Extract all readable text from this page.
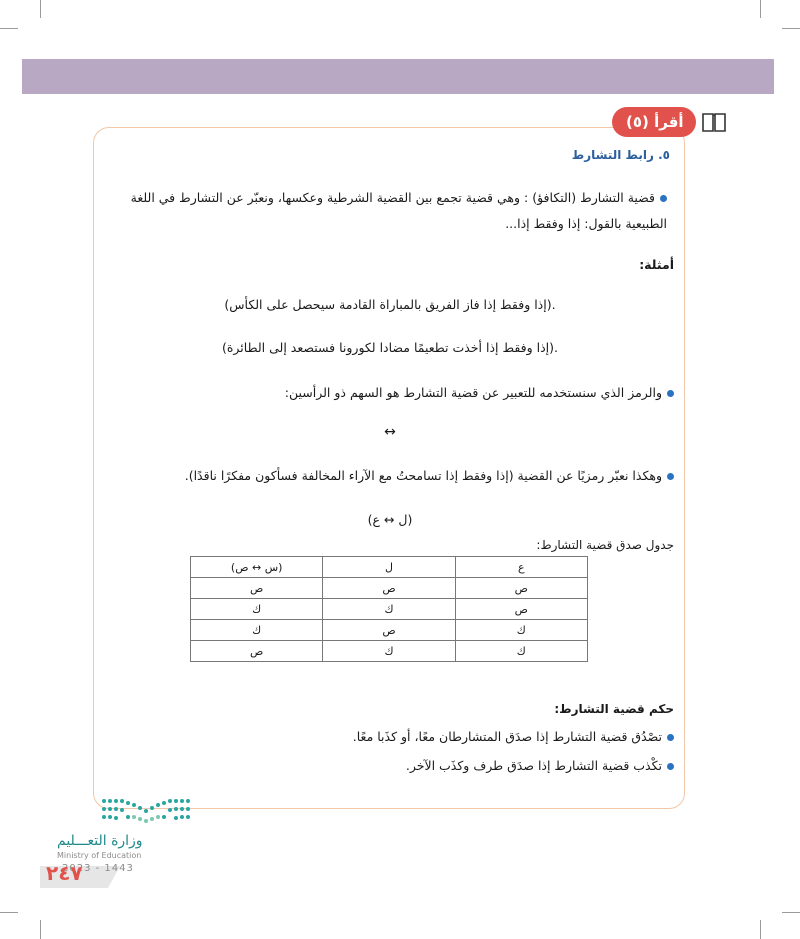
أقرأ (٥)
٥. رابط التشارط
قضية التشارط (التكافؤ) : وهي قضية تجمع بين القضية الشرطية وعكسها، ونعبّر عن التشارط في اللغة
الطبيعية بالقول: إذا وفقط إذا...
أمثلة:
(إذا وفقط إذا فاز الفريق بالمباراة القادمة سيحصل على الكأس).
(إذا وفقط إذا أخذت تطعيمًا مضادا لكورونا فستصعد إلى الطائرة).
والرمز الذي سنستخدمه للتعبير عن قضية التشارط هو السهم ذو الرأسين:
↔
وهكذا نعبّر رمزيًا عن القضية (إذا وفقط إذا تسامحتُ مع الآراء المخالفة فسأكون مفكرًا ناقدًا).
(ل ↔ ع)
جدول صدق قضية التشارط:
ع	ل	(س ↔ ص)
ص	ص	ص
ص	ك	ك
ك	ص	ك
ك	ك	ص
حكم قضية التشارط:
تصْدُق قضية التشارط إذا صدَق المتشارطان معًا، أو كذَبا معًا.
تكْذب قضية التشارط إذا صدَق طرف وكذَب الآخر.
وزارة التعـــليم
Ministry of Education
2023 - 1443
٢٤٧
